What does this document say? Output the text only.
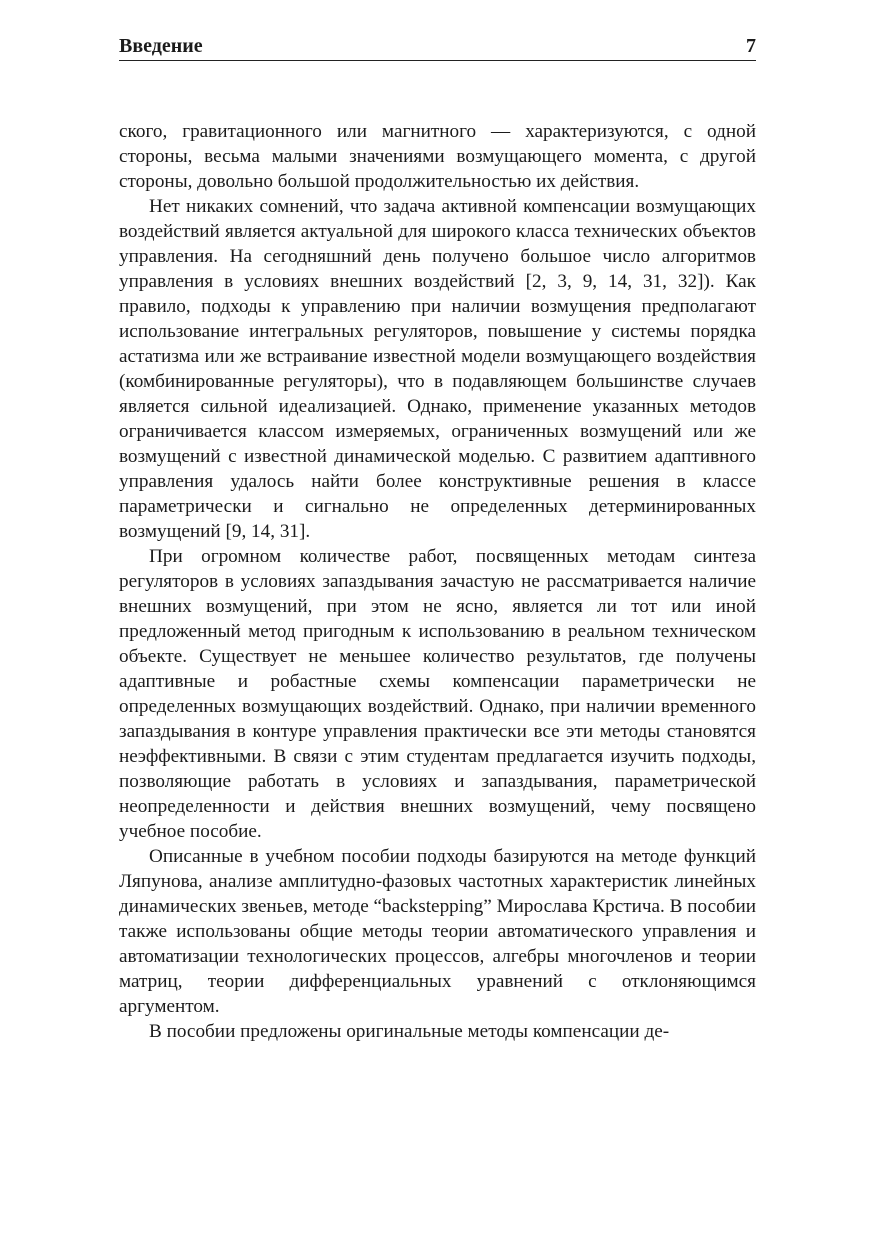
Введение	7

ского, гравитационного или магнитного — характеризуются, с одной стороны, весьма малыми значениями возмущающего момента, с другой стороны, довольно большой продолжительностью их действия.

Нет никаких сомнений, что задача активной компенсации возмущающих воздействий является актуальной для широкого класса технических объектов управления. На сегодняшний день получено большое число алгоритмов управления в условиях внешних воздействий [2, 3, 9, 14, 31, 32]). Как правило, подходы к управлению при наличии возмущения предполагают использование интегральных регуляторов, повышение у системы порядка астатизма или же встраивание известной модели возмущающего воздействия (комбинированные регуляторы), что в подавляющем большинстве случаев является сильной идеализацией. Однако, применение указанных методов ограничивается классом измеряемых, ограниченных возмущений или же возмущений с известной динамической моделью. С развитием адаптивного управления удалось найти более конструктивные решения в классе параметрически и сигнально не определенных детерминированных возмущений [9, 14, 31].

При огромном количестве работ, посвященных методам синтеза регуляторов в условиях запаздывания зачастую не рассматривается наличие внешних возмущений, при этом не ясно, является ли тот или иной предложенный метод пригодным к использованию в реальном техническом объекте. Существует не меньшее количество результатов, где получены адаптивные и робастные схемы компенсации параметрически не определенных возмущающих воздействий. Однако, при наличии временного запаздывания в контуре управления практически все эти методы становятся неэффективными. В связи с этим студентам предлагается изучить подходы, позволяющие работать в условиях и запаздывания, параметрической неопределенности и действия внешних возмущений, чему посвящено учебное пособие.

Описанные в учебном пособии подходы базируются на методе функций Ляпунова, анализе амплитудно-фазовых частотных характеристик линейных динамических звеньев, методе “backstepping” Мирослава Крстича. В пособии также использованы общие методы теории автоматического управления и автоматизации технологических процессов, алгебры многочленов и теории матриц, теории дифференциальных уравнений с отклоняющимся аргументом.

В пособии предложены оригинальные методы компенсации де-
